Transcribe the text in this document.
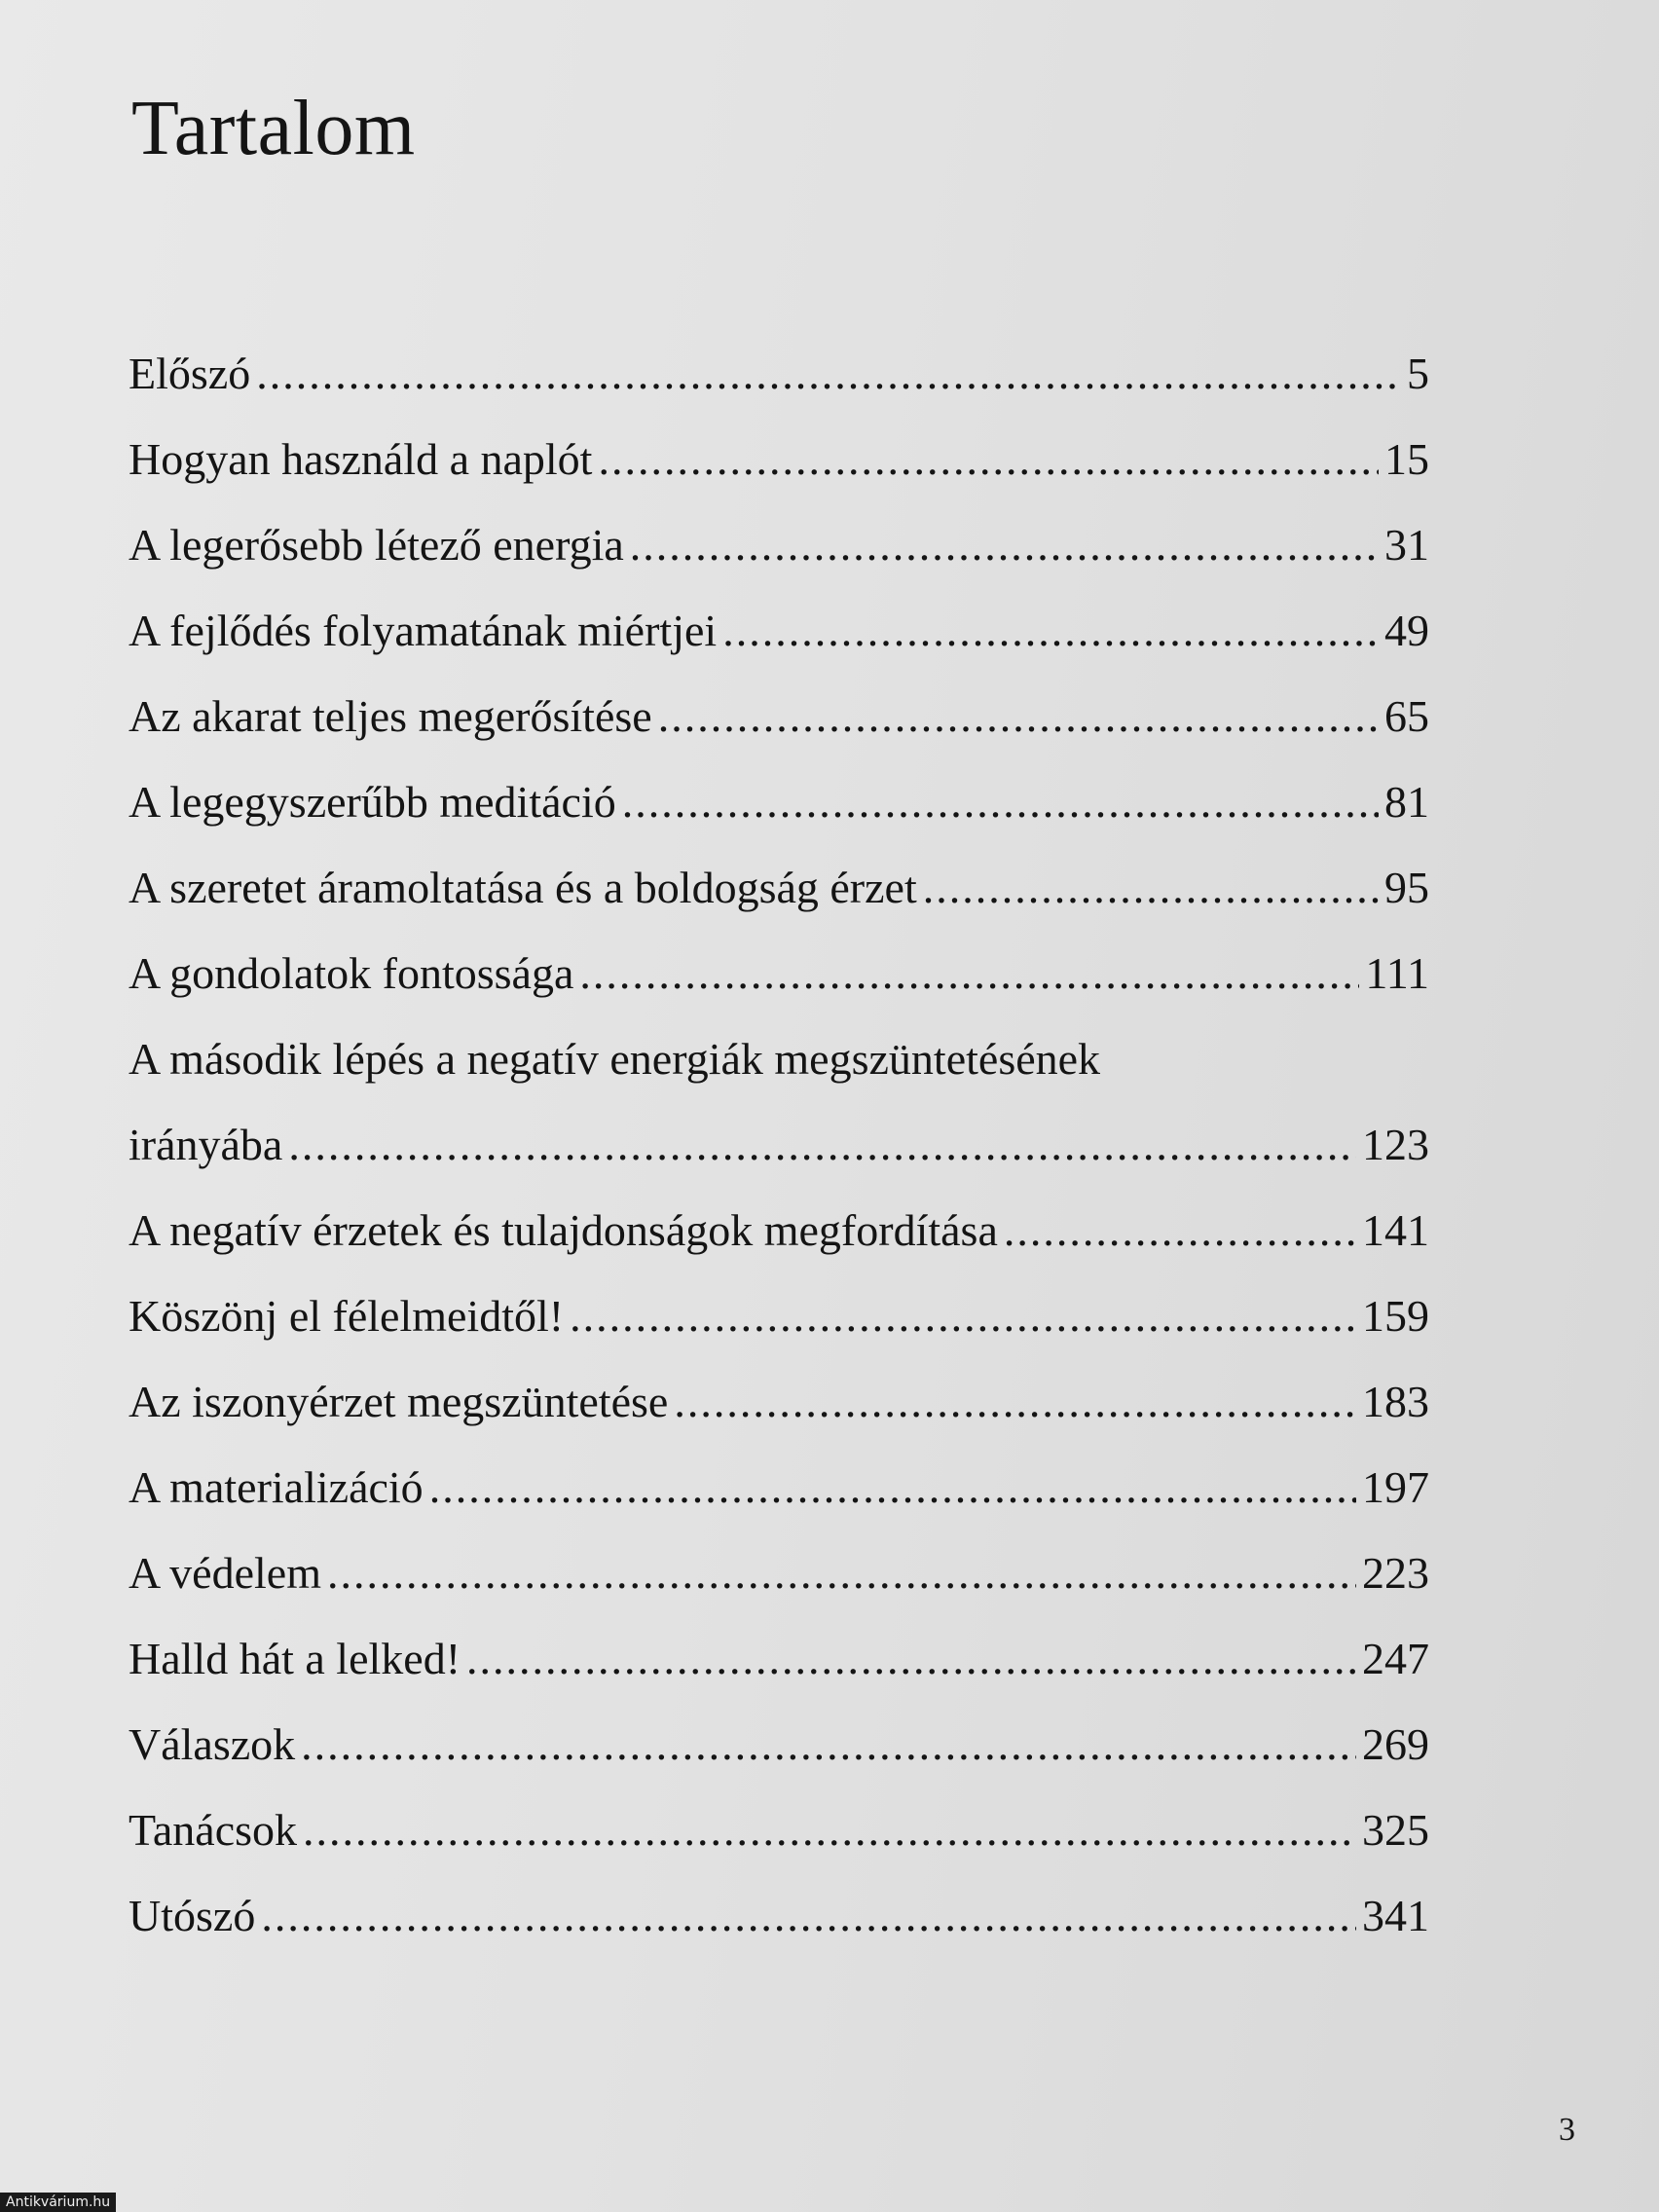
Tartalom
Előszó .....	5
Hogyan használd a naplót .....	15
A legerősebb létező energia .....	31
A fejlődés folyamatának miértjei .....	49
Az akarat teljes megerősítése .....	65
A legegyszerűbb meditáció .....	81
A szeretet áramoltatása és a boldogság érzet .....	95
A gondolatok fontossága .....	111
A második lépés a negatív energiák megszüntetésének
irányába .....	123
A negatív érzetek és tulajdonságok megfordítása .....	141
Köszönj el félelmeidtől! .....	159
Az iszonyérzet megszüntetése .....	183
A materializáció .....	197
A védelem .....	223
Halld hát a lelked! .....	247
Válaszok .....	269
Tanácsok .....	325
Utószó .....	341
3
Antikvárium.hu
